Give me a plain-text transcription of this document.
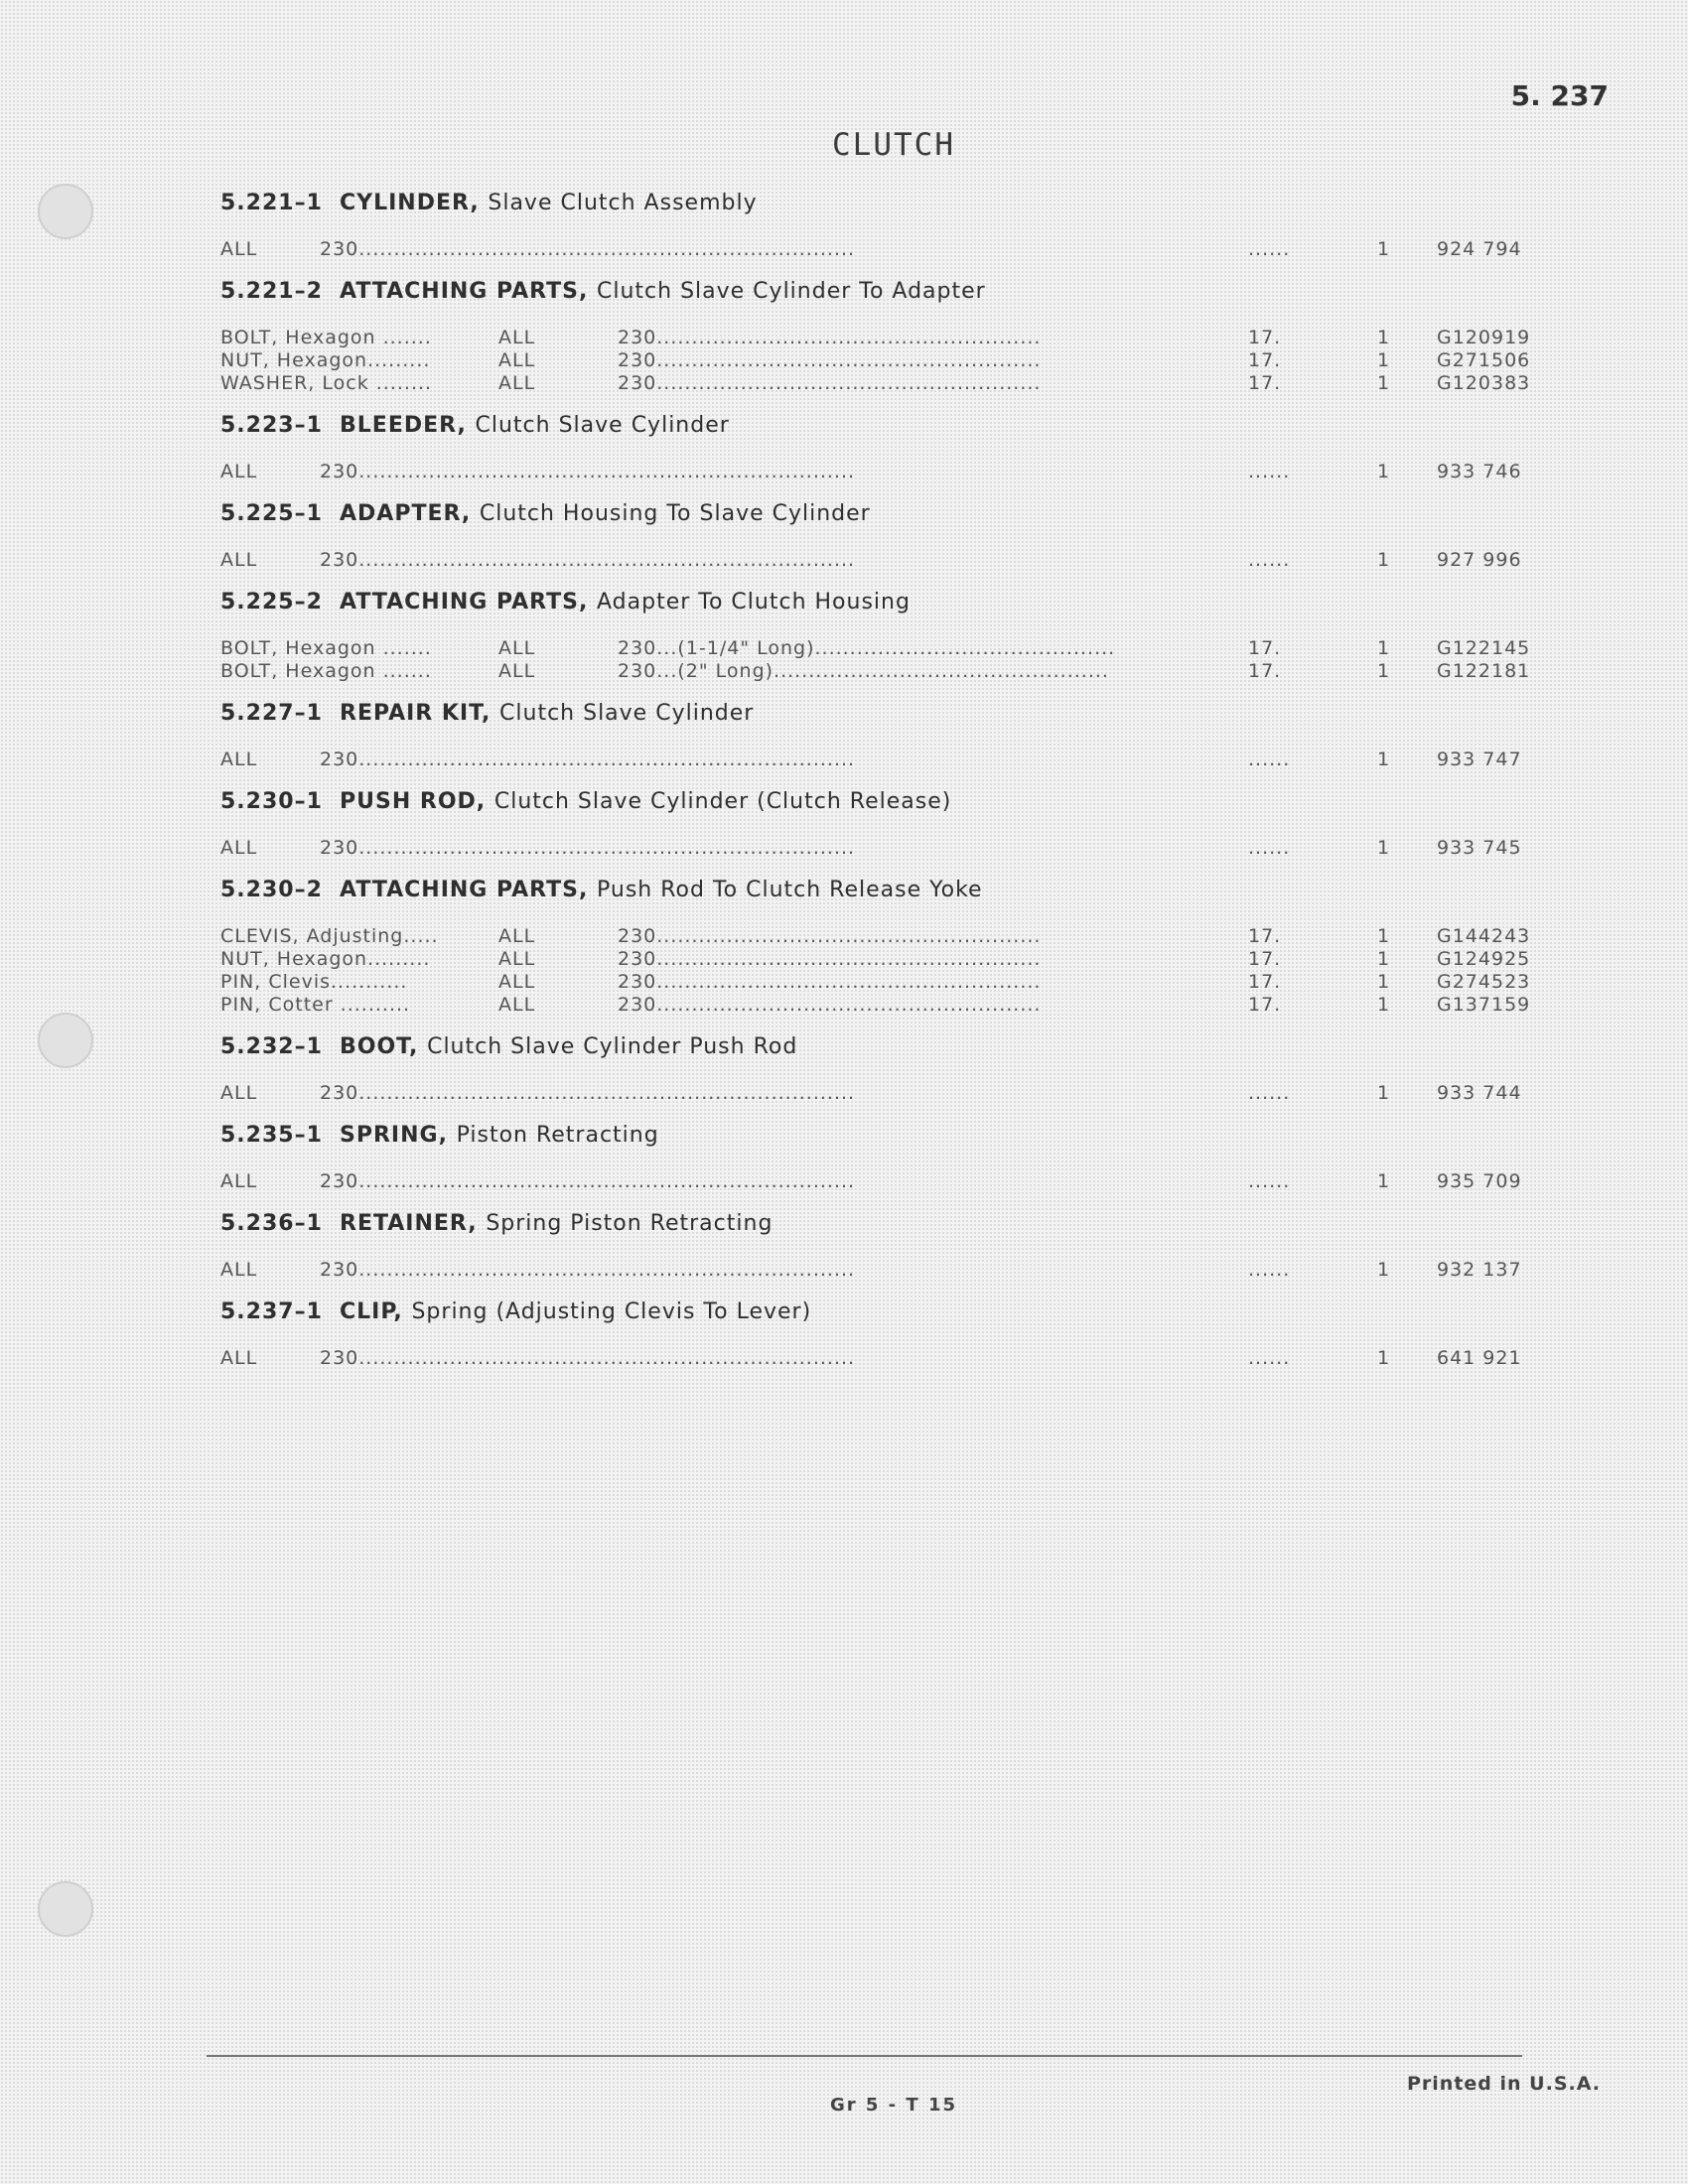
5. 237
CLUTCH
5.221–1 CYLINDER, Slave Clutch Assembly
ALL	230.......................................................................	......	1	924 794
5.221–2 ATTACHING PARTS, Clutch Slave Cylinder To Adapter
BOLT, Hexagon .......	ALL	230.......................................................	17.	1	G120919
NUT, Hexagon.........	ALL	230.......................................................	17.	1	G271506
WASHER, Lock ........	ALL	230.......................................................	17.	1	G120383
5.223–1 BLEEDER, Clutch Slave Cylinder
ALL	230.......................................................................	......	1	933 746
5.225–1 ADAPTER, Clutch Housing To Slave Cylinder
ALL	230.......................................................................	......	1	927 996
5.225–2 ATTACHING PARTS, Adapter To Clutch Housing
BOLT, Hexagon .......	ALL	230...(1-1/4" Long)...........................................	17.	1	G122145
BOLT, Hexagon .......	ALL	230...(2" Long)................................................	17.	1	G122181
5.227–1 REPAIR KIT, Clutch Slave Cylinder
ALL	230.......................................................................	......	1	933 747
5.230–1 PUSH ROD, Clutch Slave Cylinder (Clutch Release)
ALL	230.......................................................................	......	1	933 745
5.230–2 ATTACHING PARTS, Push Rod To Clutch Release Yoke
CLEVIS, Adjusting.....	ALL	230.......................................................	17.	1	G144243
NUT, Hexagon.........	ALL	230.......................................................	17.	1	G124925
PIN, Clevis...........	ALL	230.......................................................	17.	1	G274523
PIN, Cotter ..........	ALL	230.......................................................	17.	1	G137159
5.232–1 BOOT, Clutch Slave Cylinder Push Rod
ALL	230.......................................................................	......	1	933 744
5.235–1 SPRING, Piston Retracting
ALL	230.......................................................................	......	1	935 709
5.236–1 RETAINER, Spring Piston Retracting
ALL	230.......................................................................	......	1	932 137
5.237–1 CLIP, Spring (Adjusting Clevis To Lever)
ALL	230.......................................................................	......	1	641 921
Printed in U.S.A.
Gr 5 - T 15
